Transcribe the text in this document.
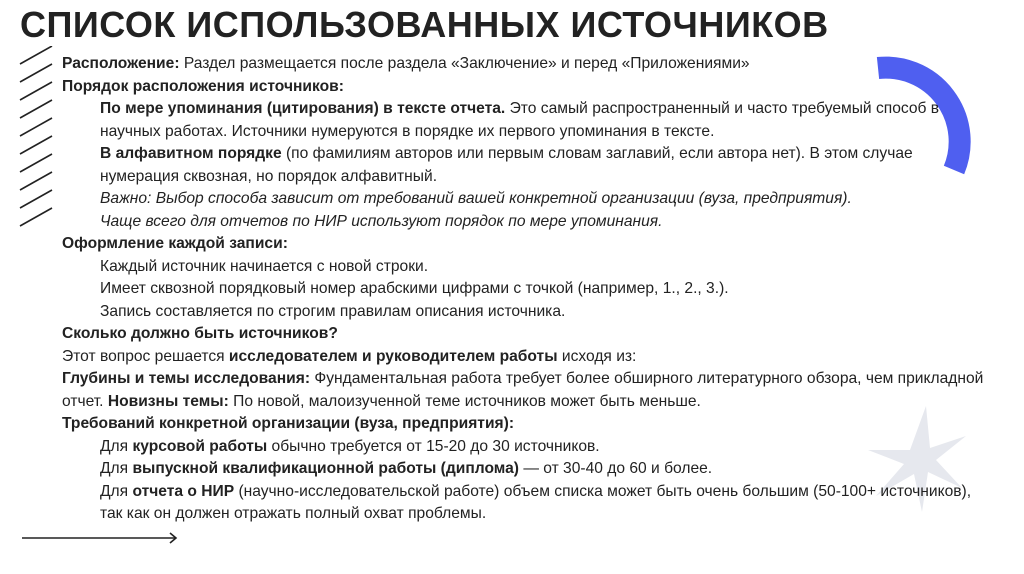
СПИСОК ИСПОЛЬЗОВАННЫХ ИСТОЧНИКОВ
Расположение: Раздел размещается после раздела «Заключение» и перед «Приложениями»
Порядок расположения источников:
По мере упоминания (цитирования) в тексте отчета. Это самый распространенный и часто требуемый способ в научных работах. Источники нумеруются в порядке их первого упоминания в тексте.
В алфавитном порядке (по фамилиям авторов или первым словам заглавий, если автора нет). В этом случае нумерация сквозная, но порядок алфавитный.
Важно: Выбор способа зависит от требований вашей конкретной организации (вуза, предприятия).
Чаще всего для отчетов по НИР используют порядок по мере упоминания.
Оформление каждой записи:
Каждый источник начинается с новой строки.
Имеет сквозной порядковый номер арабскими цифрами с точкой (например, 1., 2., 3.).
Запись составляется по строгим правилам описания источника.
Сколько должно быть источников?
Этот вопрос решается исследователем и руководителем работы исходя из:
Глубины и темы исследования: Фундаментальная работа требует более обширного литературного обзора, чем прикладной отчет. Новизны темы: По новой, малоизученной теме источников может быть меньше.
Требований конкретной организации (вуза, предприятия):
Для курсовой работы обычно требуется от 15-20 до 30 источников.
Для выпускной квалификационной работы (диплома) — от 30-40 до 60 и более.
Для отчета о НИР (научно-исследовательской работе) объем списка может быть очень большим (50-100+ источников), так как он должен отражать полный охват проблемы.
